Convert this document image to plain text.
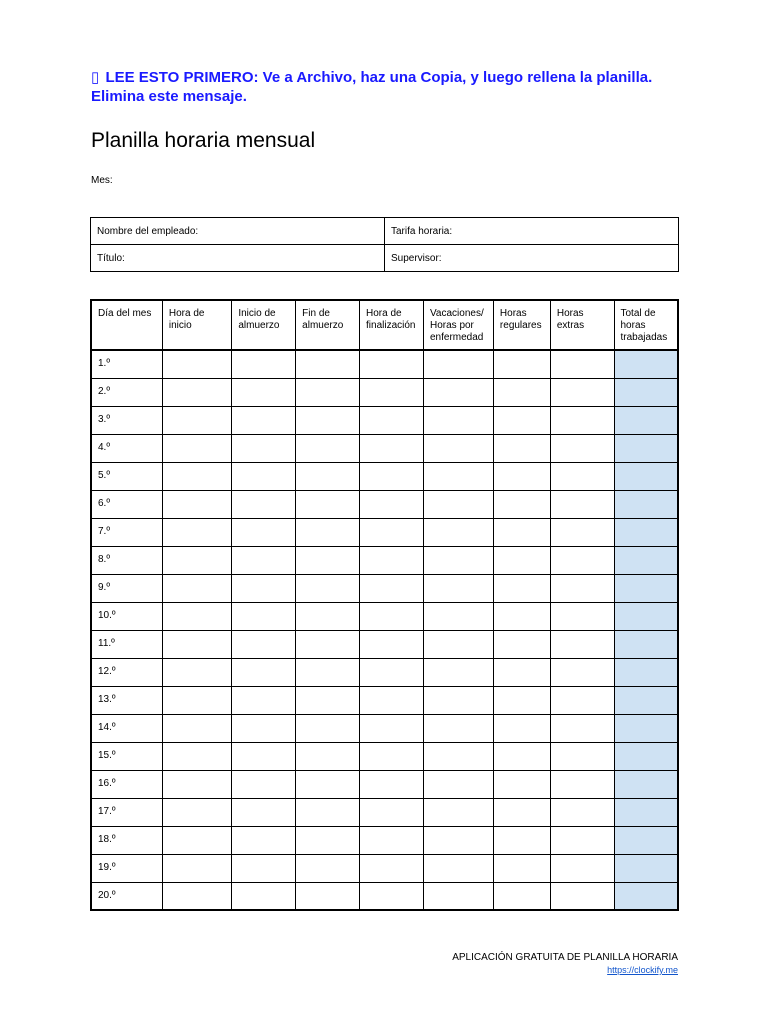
▯ LEE ESTO PRIMERO: Ve a Archivo, haz una Copia, y luego rellena la planilla. Elimina este mensaje.
Planilla horaria mensual
Mes:
Nombre del empleado:	Tarifa horaria:
Título:	Supervisor:
Día del mes	Hora de inicio	Inicio de almuerzo	Fin de almuerzo	Hora de finalización	Vacaciones/ Horas por enfermedad	Horas regulares	Horas extras	Total de horas trabajadas
1.º								
2.º								
3.º								
4.º								
5.º								
6.º								
7.º								
8.º								
9.º								
10.º								
11.º								
12.º								
13.º								
14.º								
15.º								
16.º								
17.º								
18.º								
19.º								
20.º								
APLICACIÓN GRATUITA DE PLANILLA HORARIA
https://clockify.me
